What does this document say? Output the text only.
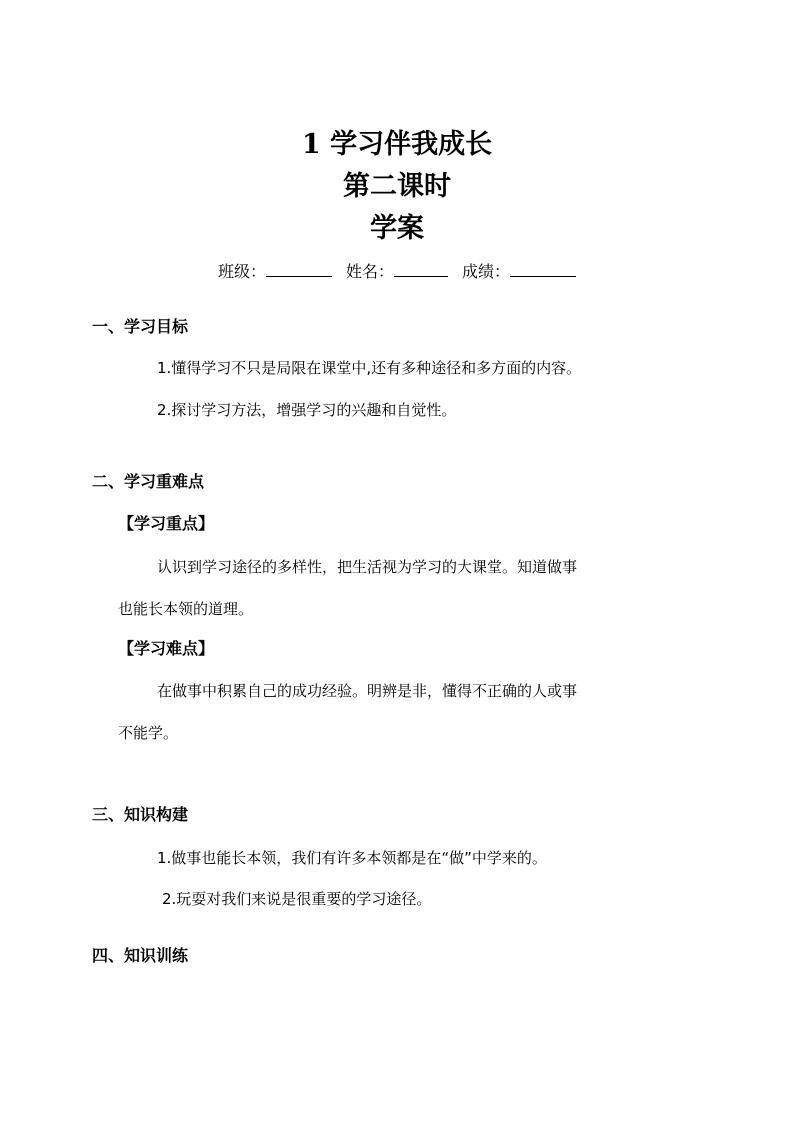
1 学习伴我成长
第二课时
学案
班级：	姓名：	成绩：
一、学习目标
1.懂得学习不只是局限在课堂中,还有多种途径和多方面的内容。
2.探讨学习方法，增强学习的兴趣和自觉性。
二、学习重难点
【学习重点】
认识到学习途径的多样性，把生活视为学习的大课堂。知道做事
也能长本领的道理。
【学习难点】
在做事中积累自己的成功经验。明辨是非，懂得不正确的人或事
不能学。
三、知识构建
1.做事也能长本领，我们有许多本领都是在“做”中学来的。
2.玩耍对我们来说是很重要的学习途径。
四、知识训练
